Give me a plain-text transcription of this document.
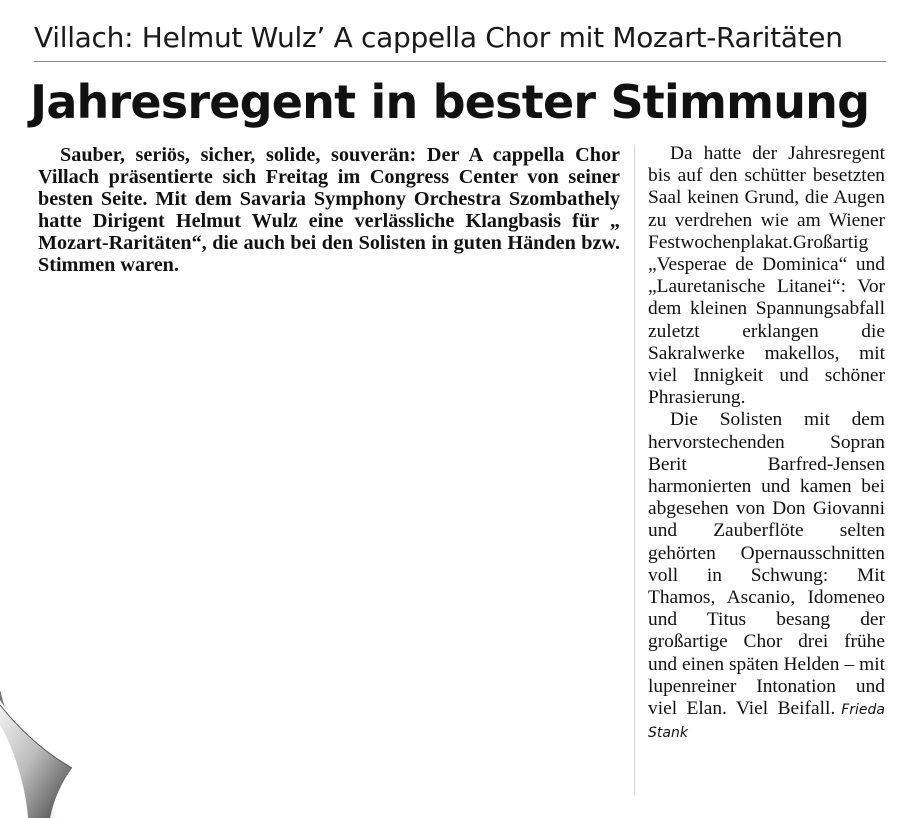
Villach: Helmut Wulz’ A cappella Chor mit Mozart-Raritäten
Jahresregent in bester Stimmung

Sauber, seriös, sicher, solide, souverän: Der A cappella Chor Villach präsentierte sich Freitag im Congress Center von seiner besten Seite. Mit dem Savaria Symphony Orchestra Szombathely hatte Dirigent Helmut Wulz eine verlässliche Klangbasis für „ Mozart-Raritäten“, die auch bei den Solisten in guten Händen bzw. Stimmen waren.

Da hatte der Jahresregent bis auf den schütter besetzten Saal keinen Grund, die Augen zu verdrehen wie am Wiener Festwochenplakat.Großartig „Vesperae de Dominica“ und „Lauretanische Litanei“: Vor dem kleinen Spannungsabfall zuletzt erklangen die Sakralwerke makellos, mit viel Innigkeit und schöner Phrasierung.

Die Solisten mit dem hervorstechenden Sopran Berit Barfred-Jensen harmonierten und kamen bei abgesehen von Don Giovanni und Zauberflöte selten gehörten Opernausschnitten voll in Schwung: Mit Thamos, Ascanio, Idomeneo und Titus besang der großartige Chor drei frühe und einen späten Helden – mit lupenreiner Intonation und viel Elan. Viel Beifall. Frieda Stank
